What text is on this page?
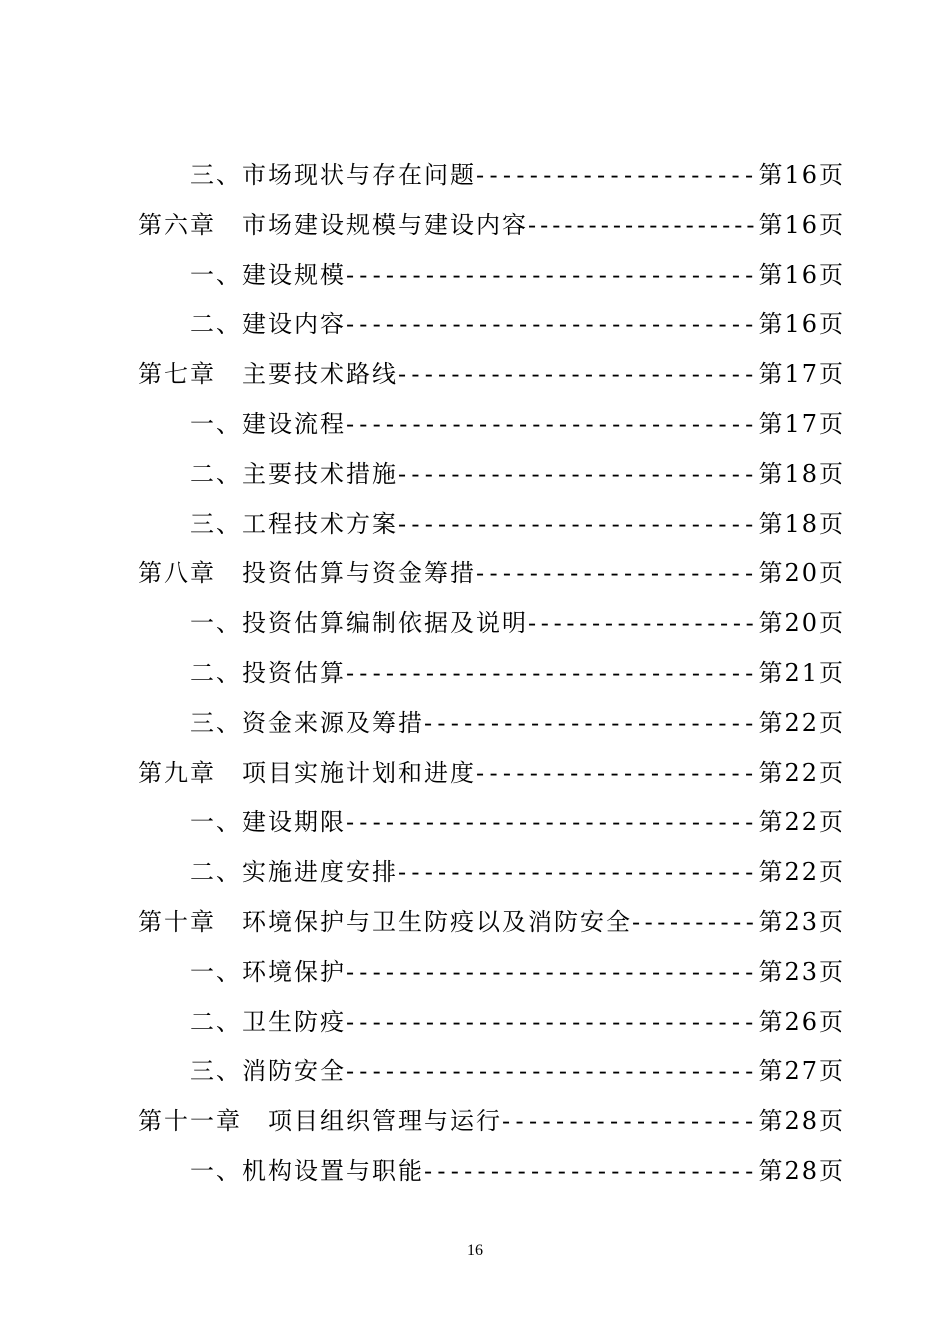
三、市场现状与存在问题---------------------第16页
第六章 市场建设规模与建设内容-------------------第16页
一、建设规模-------------------------------第16页
二、建设内容-------------------------------第16页
第七章 主要技术路线---------------------------第17页
一、建设流程-------------------------------第17页
二、主要技术措施---------------------------第18页
三、工程技术方案---------------------------第18页
第八章 投资估算与资金筹措---------------------第20页
一、投资估算编制依据及说明------------------第20页
二、投资估算-------------------------------第21页
三、资金来源及筹措-------------------------第22页
第九章 项目实施计划和进度---------------------第22页
一、建设期限-------------------------------第22页
二、实施进度安排---------------------------第22页
第十章 环境保护与卫生防疫以及消防安全----------第23页
一、环境保护-------------------------------第23页
二、卫生防疫-------------------------------第26页
三、消防安全-------------------------------第27页
第十一章 项目组织管理与运行-------------------第28页
一、机构设置与职能-------------------------第28页
16
